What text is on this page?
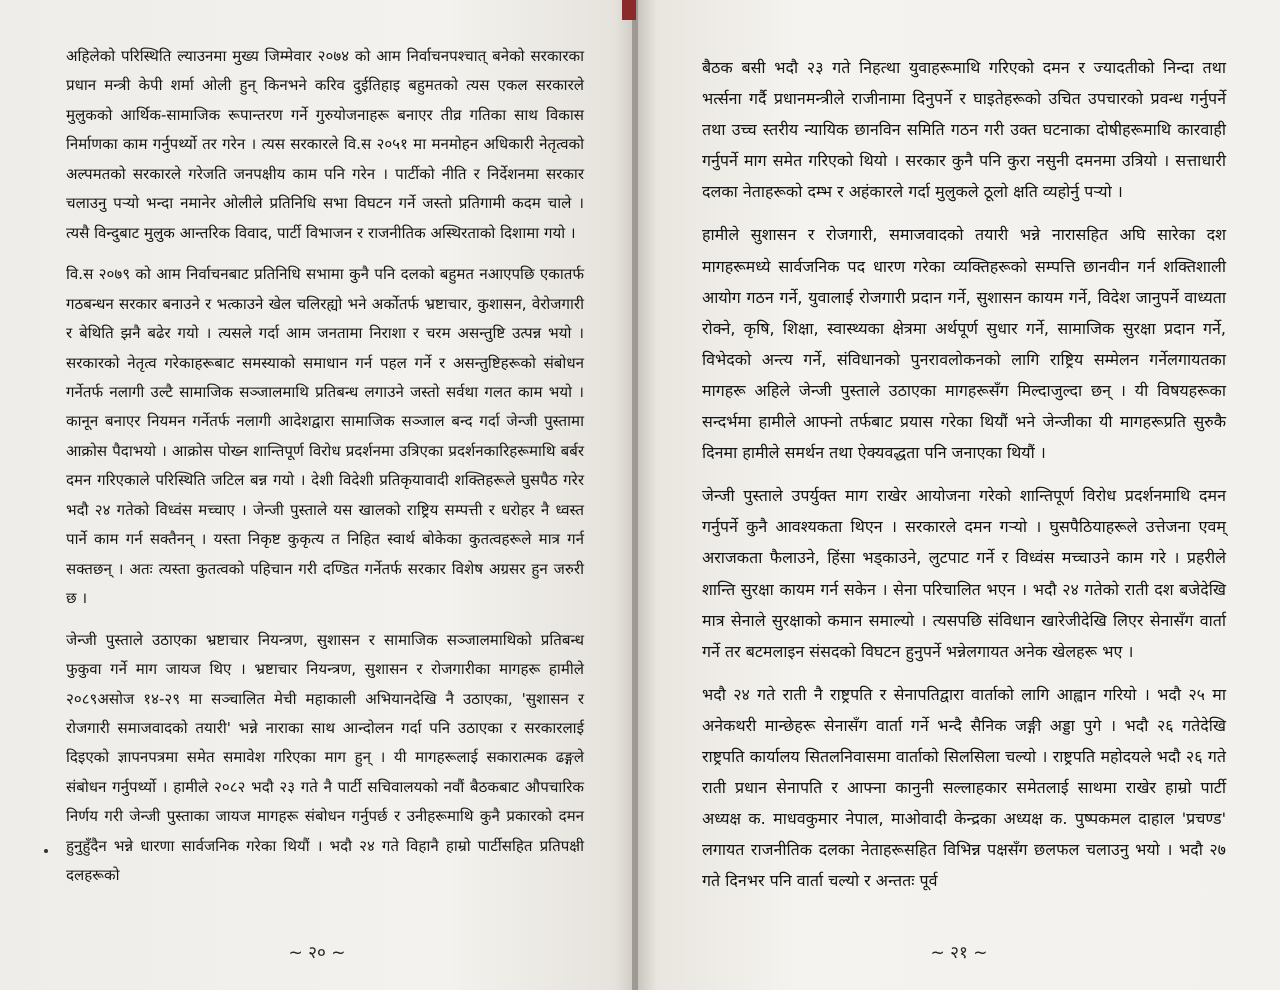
अहिलेको परिस्थिति ल्याउनमा मुख्य जिम्मेवार २०७४ को आम निर्वाचनपश्चात् बनेको सरकारका प्रधान मन्त्री केपी शर्मा ओली हुन् किनभने करिव दुईतिहाइ बहुमतको त्यस एकल सरकारले मुलुकको आर्थिक-सामाजिक रूपान्तरण गर्ने गुरुयोजनाहरू बनाएर तीव्र गतिका साथ विकास निर्माणका काम गर्नुपर्थ्यो तर गरेन । त्यस सरकारले वि.स २०५१ मा मनमोहन अधिकारी नेतृत्वको अल्पमतको सरकारले गरेजति जनपक्षीय काम पनि गरेन । पार्टीको नीति र निर्देशनमा सरकार चलाउनु पर्‍यो भन्दा नमानेर ओलीले प्रतिनिधि सभा विघटन गर्ने जस्तो प्रतिगामी कदम चाले । त्यसै विन्दुबाट मुलुक आन्तरिक विवाद, पार्टी विभाजन र राजनीतिक अस्थिरताको दिशामा गयो ।

वि.स २०७९ को आम निर्वाचनबाट प्रतिनिधि सभामा कुनै पनि दलको बहुमत नआएपछि एकातर्फ गठबन्धन सरकार बनाउने र भत्काउने खेल चलिरह्यो भने अर्कोतर्फ भ्रष्टाचार, कुशासन, वेरोजगारी र बेथिति झनै बढेर गयो । त्यसले गर्दा आम जनतामा निराशा र चरम असन्तुष्टि उत्पन्न भयो । सरकारको नेतृत्व गरेकाहरूबाट समस्याको समाधान गर्न पहल गर्ने र असन्तुष्टिहरूको संबोधन गर्नेतर्फ नलागी उल्टै सामाजिक सञ्जालमाथि प्रतिबन्ध लगाउने जस्तो सर्वथा गलत काम भयो । कानून बनाएर नियमन गर्नेतर्फ नलागी आदेशद्वारा सामाजिक सञ्जाल बन्द गर्दा जेन्जी पुस्तामा आक्रोस पैदाभयो । आक्रोस पोख्न शान्तिपूर्ण विरोध प्रदर्शनमा उत्रिएका प्रदर्शनकारिहरूमाथि बर्बर दमन गरिएकाले परिस्थिति जटिल बन्न गयो । देशी विदेशी प्रतिकृयावादी शक्तिहरूले घुसपैठ गरेर भदौ २४ गतेको विध्वंस मच्चाए । जेन्जी पुस्ताले यस खालको राष्ट्रिय सम्पत्ती र धरोहर नै ध्वस्त पार्ने काम गर्न सक्तैनन् । यस्ता निकृष्ट कुकृत्य त निहित स्वार्थ बोकेका कुतत्वहरूले मात्र गर्न सक्तछन् । अतः त्यस्ता कुतत्वको पहिचान गरी दण्डित गर्नेतर्फ सरकार विशेष अग्रसर हुन जरुरी छ ।

जेन्जी पुस्ताले उठाएका भ्रष्टाचार नियन्त्रण, सुशासन र सामाजिक सञ्जालमाथिको प्रतिबन्ध फुकुवा गर्ने माग जायज थिए । भ्रष्टाचार नियन्त्रण, सुशासन र रोजगारीका मागहरू हामीले २०८९असोज १४-२९ मा सञ्चालित मेची महाकाली अभियानदेखि नै उठाएका, 'सुशासन र रोजगारी समाजवादको तयारी' भन्ने नाराका साथ आन्दोलन गर्दा पनि उठाएका र सरकारलाई दिइएको ज्ञापनपत्रमा समेत समावेश गरिएका माग हुन् । यी मागहरूलाई सकारात्मक ढङ्गले संबोधन गर्नुपर्थ्यो । हामीले २०८२ भदौ २३ गते नै पार्टी सचिवालयको नवौं बैठकबाट औपचारिक निर्णय गरी जेन्जी पुस्ताका जायज मागहरू संबोधन गर्नुपर्छ र उनीहरूमाथि कुनै प्रकारको दमन हुनुहुँदैन भन्ने धारणा सार्वजनिक गरेका थियौं । भदौ २४ गते विहानै हाम्रो पार्टीसहित प्रतिपक्षी दलहरूको

~ २० ~

बैठक बसी भदौ २३ गते निहत्था युवाहरूमाथि गरिएको दमन र ज्यादतीको निन्दा तथा भर्त्सना गर्दै प्रधानमन्त्रीले राजीनामा दिनुपर्ने र घाइतेहरूको उचित उपचारको प्रवन्ध गर्नुपर्ने तथा उच्च स्तरीय न्यायिक छानविन समिति गठन गरी उक्त घटनाका दोषीहरूमाथि कारवाही गर्नुपर्ने माग समेत गरिएको थियो । सरकार कुनै पनि कुरा नसुनी दमनमा उत्रियो । सत्ताधारी दलका नेताहरूको दम्भ र अहंकारले गर्दा मुलुकले ठूलो क्षति व्यहोर्नु पर्‍यो ।

हामीले सुशासन र रोजगारी, समाजवादको तयारी भन्ने नारासहित अघि सारेका दश मागहरूमध्ये सार्वजनिक पद धारण गरेका व्यक्तिहरूको सम्पत्ति छानवीन गर्न शक्तिशाली आयोग गठन गर्ने, युवालाई रोजगारी प्रदान गर्ने, सुशासन कायम गर्ने, विदेश जानुपर्ने वाध्यता रोक्ने, कृषि, शिक्षा, स्वास्थ्यका क्षेत्रमा अर्थपूर्ण सुधार गर्ने, सामाजिक सुरक्षा प्रदान गर्ने, विभेदको अन्त्य गर्ने, संविधानको पुनरावलोकनको लागि राष्ट्रिय सम्मेलन गर्नेलगायतका मागहरू अहिले जेन्जी पुस्ताले उठाएका मागहरूसँग मिल्दाजुल्दा छन् । यी विषयहरूका सन्दर्भमा हामीले आफ्नो तर्फबाट प्रयास गरेका थियौं भने जेन्जीका यी मागहरूप्रति सुरुकै दिनमा हामीले समर्थन तथा ऐक्यवद्धता पनि जनाएका थियौं ।

जेन्जी पुस्ताले उपर्युक्त माग राखेर आयोजना गरेको शान्तिपूर्ण विरोध प्रदर्शनमाथि दमन गर्नुपर्ने कुनै आवश्यकता थिएन । सरकारले दमन गर्‍यो । घुसपैठियाहरूले उत्तेजना एवम् अराजकता फैलाउने, हिंसा भड्काउने, लुटपाट गर्ने र विध्वंस मच्चाउने काम गरे । प्रहरीले शान्ति सुरक्षा कायम गर्न सकेन । सेना परिचालित भएन । भदौ २४ गतेको राती दश बजेदेखि मात्र सेनाले सुरक्षाको कमान समाल्यो । त्यसपछि संविधान खारेजीदेखि लिएर सेनासँग वार्ता गर्ने तर बटमलाइन संसदको विघटन हुनुपर्ने भन्नेलगायत अनेक खेलहरू भए ।

भदौ २४ गते राती नै राष्ट्रपति र सेनापतिद्वारा वार्ताको लागि आह्वान गरियो । भदौ २५ मा अनेकथरी मान्छेहरू सेनासँग वार्ता गर्ने भन्दै सैनिक जङ्गी अड्डा पुगे । भदौ २६ गतेदेखि राष्ट्रपति कार्यालय सितलनिवासमा वार्ताको सिलसिला चल्यो । राष्ट्रपति महोदयले भदौ २६ गते राती प्रधान सेनापति र आफ्ना कानुनी सल्लाहकार समेतलाई साथमा राखेर हाम्रो पार्टी अध्यक्ष क. माधवकुमार नेपाल, माओवादी केन्द्रका अध्यक्ष क. पुष्पकमल दाहाल 'प्रचण्ड' लगायत राजनीतिक दलका नेताहरूसहित विभिन्न पक्षसँग छलफल चलाउनु भयो । भदौ २७ गते दिनभर पनि वार्ता चल्यो र अन्ततः पूर्व

~ २१ ~
